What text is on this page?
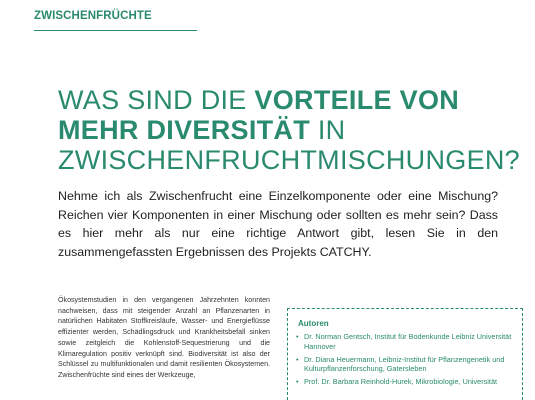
ZWISCHENFRÜCHTE
WAS SIND DIE VORTEILE VON MEHR DIVERSITÄT IN ZWISCHENFRUCHTMISCHUNGEN?

Nehme ich als Zwischenfrucht eine Einzelkomponente oder eine Mischung? Reichen vier Komponenten in einer Mischung oder sollten es mehr sein? Dass es hier mehr als nur eine richtige Antwort gibt, lesen Sie in den zusammengefassten Ergebnissen des Projekts CATCHY.

Ökosystemstudien in den vergangenen Jahrzehnten konnten nachweisen, dass mit steigender Anzahl an Pflanzenarten in natürlichen Habitaten Stoffkreisläufe, Wasser- und Energieflüsse effizienter werden, Schädlingsdruck und Krankheitsbefall sinken sowie zeitgleich die Kohlenstoff-Sequestrierung und die Klimaregulation positiv verknüpft sind. Biodiversität ist also der Schlüssel zu multifunktionalen und damit resilienten Ökosystemen. Zwischenfrüchte sind eines der Werkzeuge,

Autoren
• Dr. Norman Gentsch, Institut für Bodenkunde Leibniz Universität Hannover
• Dr. Diana Heuermann, Leibniz-Institut für Pflanzengenetik und Kulturpflanzenforschung, Gatersleben
• Prof. Dr. Barbara Reinhold-Hurek, Mikrobiologie, Universität
